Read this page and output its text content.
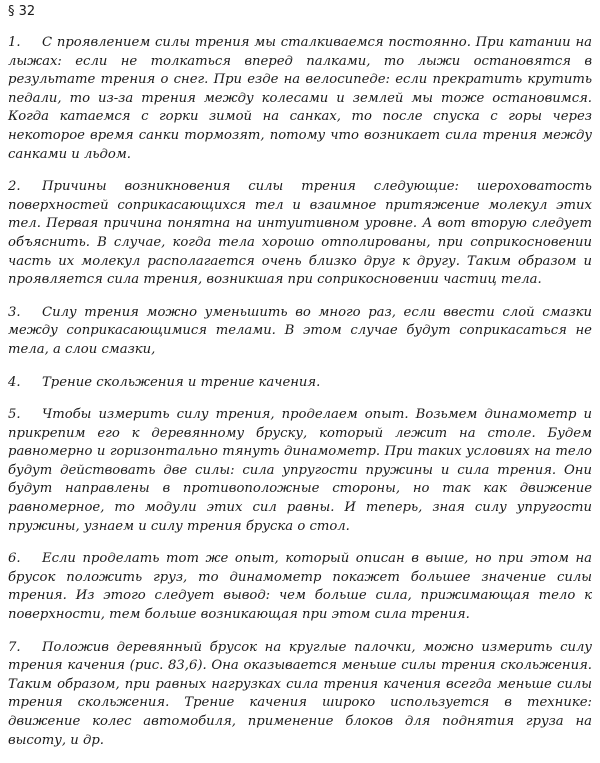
§ 32

1. С проявлением силы трения мы сталкиваемся постоянно. При катании на лыжах: если не толкаться вперед палками, то лыжи остановятся в результате трения о снег. При езде на велосипеде: если прекратить крутить педали, то из-за трения между колесами и землей мы тоже остановимся. Когда катаемся с горки зимой на санках, то после спуска с горы через некоторое время санки тормозят, потому что возникает сила трения между санками и льдом.

2. Причины возникновения силы трения следующие: шероховатость поверхностей соприкасающихся тел и взаимное притяжение молекул этих тел. Первая причина понятна на интуитивном уровне. А вот вторую следует объяснить. В случае, когда тела хорошо отполированы, при соприкосновении часть их молекул располагается очень близко друг к другу. Таким образом и проявляется сила трения, возникшая при соприкосновении частиц тела.

3. Силу трения можно уменьшить во много раз, если ввести слой смазки между соприкасающимися телами. В этом случае будут соприкасаться не тела, а слои смазки,

4. Трение скольжения и трение качения.

5. Чтобы измерить силу трения, проделаем опыт. Возьмем динамометр и прикрепим его к деревянному бруску, который лежит на столе. Будем равномерно и горизонтально тянуть динамометр. При таких условиях на тело будут действовать две силы: сила упругости пружины и сила трения. Они будут направлены в противоположные стороны, но так как движение равномерное, то модули этих сил равны. И теперь, зная силу упругости пружины, узнаем и силу трения бруска о стол.

6. Если проделать тот же опыт, который описан в выше, но при этом на брусок положить груз, то динамометр покажет большее значение силы трения. Из этого следует вывод: чем больше сила, прижимающая тело к поверхности, тем больше возникающая при этом сила трения.

7. Положив деревянный брусок на круглые палочки, можно измерить силу трения качения (рис. 83,6). Она оказывается меньше силы трения скольжения. Таким образом, при равных нагрузках сила трения качения всегда меньше силы трения скольжения. Трение качения широко используется в технике: движение колес автомобиля, применение блоков для поднятия груза на высоту, и др.
